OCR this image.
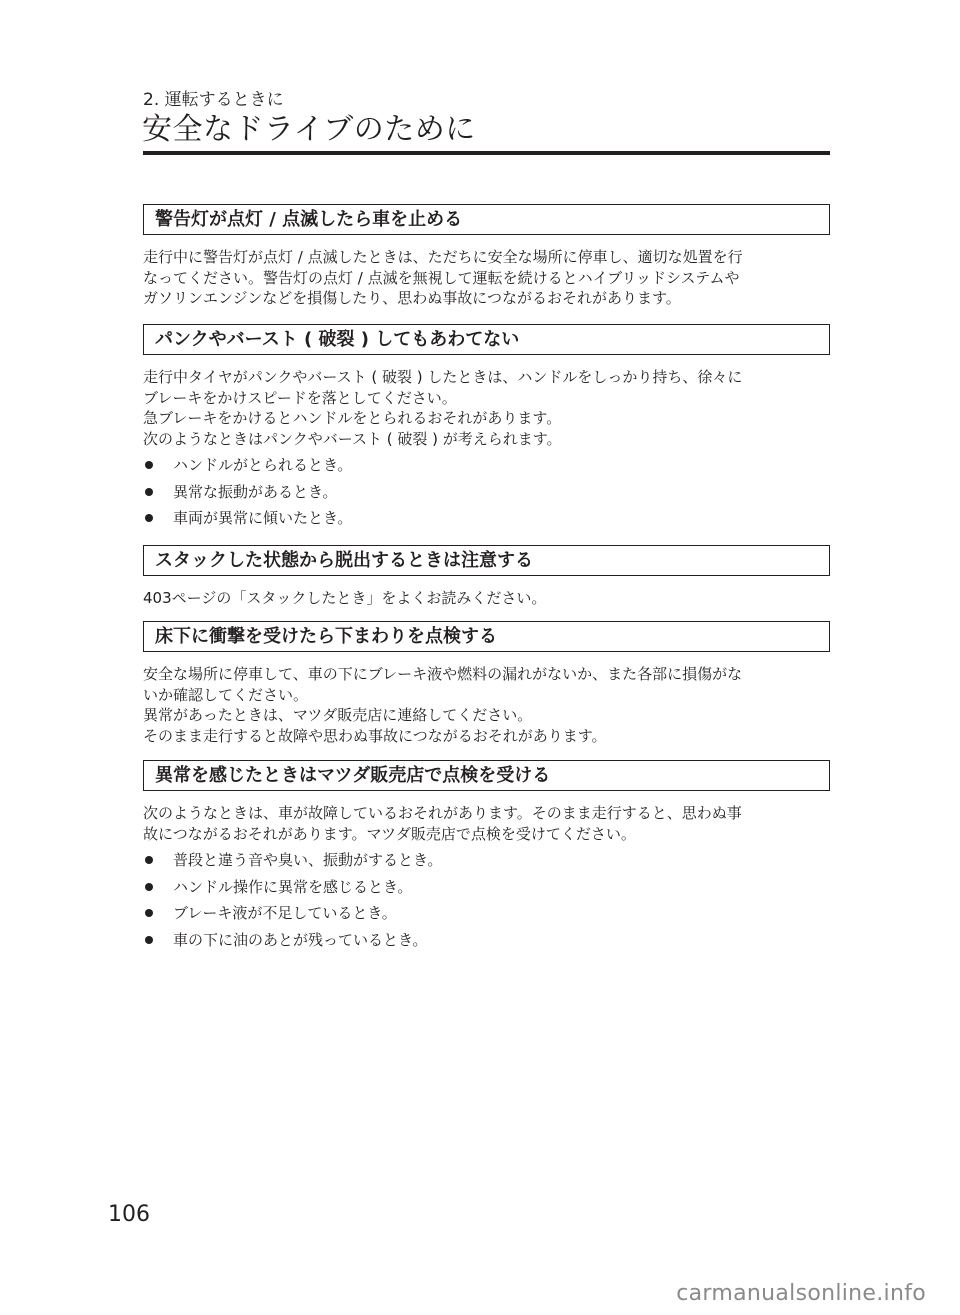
2. 運転するときに
安全なドライブのために
警告灯が点灯 / 点滅したら車を止める
走行中に警告灯が点灯 / 点滅したときは、ただちに安全な場所に停車し、適切な処置を行
なってください。警告灯の点灯 / 点滅を無視して運転を続けるとハイブリッドシステムや
ガソリンエンジンなどを損傷したり、思わぬ事故につながるおそれがあります。
パンクやバースト ( 破裂 ) してもあわてない
走行中タイヤがパンクやバースト ( 破裂 ) したときは、ハンドルをしっかり持ち、徐々に
ブレーキをかけスピードを落としてください。
急ブレーキをかけるとハンドルをとられるおそれがあります。
次のようなときはパンクやバースト ( 破裂 ) が考えられます。
ハンドルがとられるとき。
異常な振動があるとき。
車両が異常に傾いたとき。
スタックした状態から脱出するときは注意する
403ページの「スタックしたとき」をよくお読みください。
床下に衝撃を受けたら下まわりを点検する
安全な場所に停車して、車の下にブレーキ液や燃料の漏れがないか、また各部に損傷がな
いか確認してください。
異常があったときは、マツダ販売店に連絡してください。
そのまま走行すると故障や思わぬ事故につながるおそれがあります。
異常を感じたときはマツダ販売店で点検を受ける
次のようなときは、車が故障しているおそれがあります。そのまま走行すると、思わぬ事
故につながるおそれがあります。マツダ販売店で点検を受けてください。
普段と違う音や臭い、振動がするとき。
ハンドル操作に異常を感じるとき。
ブレーキ液が不足しているとき。
車の下に油のあとが残っているとき。
106
carmanualsonline.info
